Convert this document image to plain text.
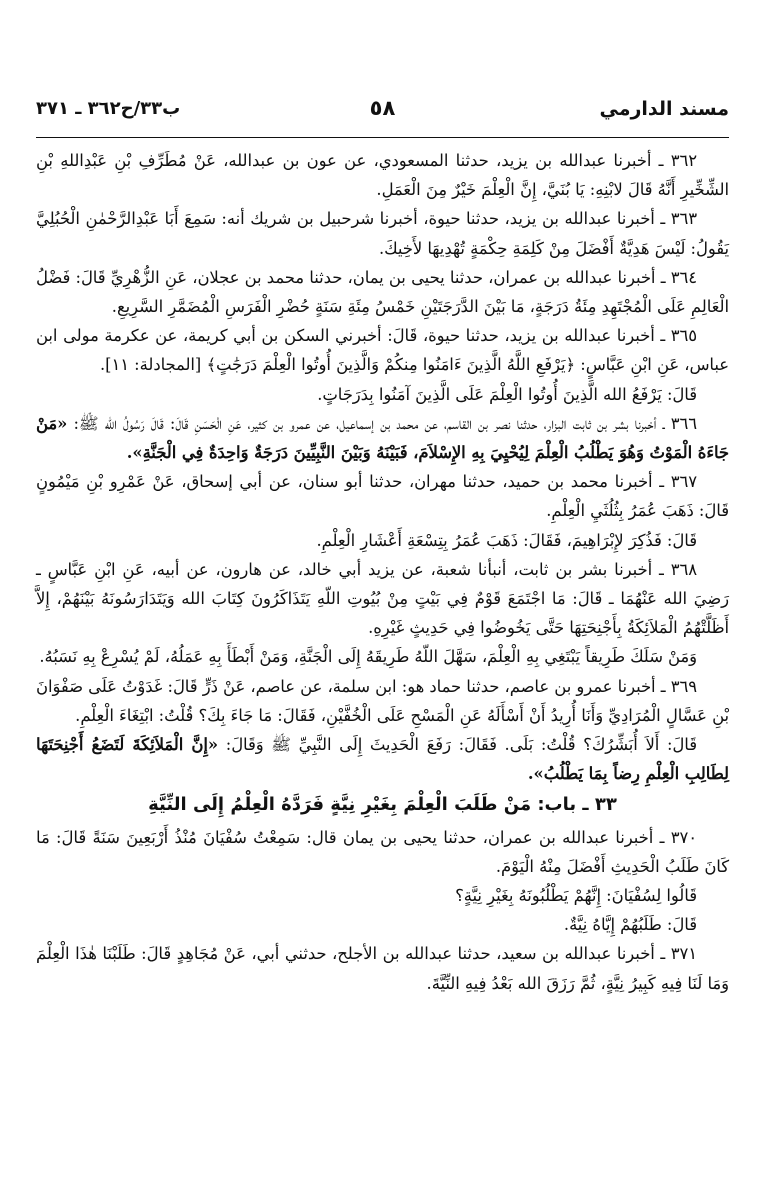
مسند الدارمي
٥٨
ب٣٣/ح٣٦٢ ـ ٣٧١

٣٦٢ ـ أخبرنا عبدالله بن يزيد، حدثنا المسعودي، عن عون بن عبدالله، عَنْ مُطَرِّفِ بْنِ عَبْدِاللهِ بْنِ الشِّخِّيرِ أَنَّهُ قَالَ لابْنِهِ: يَا بُنَيَّ، إِنَّ الْعِلْمَ خَيْرٌ مِنَ الْعَمَلِ.

٣٦٣ ـ أخبرنا عبدالله بن يزيد، حدثنا حيوة، أخبرنا شرحبيل بن شريك أنه: سَمِعَ أَبَا عَبْدِالرَّحْمٰنِ الْحُبُلِيَّ يَقُولُ: لَيْسَ هَدِيَّةٌ أَفْضَلَ مِنْ كَلِمَةِ حِكْمَةٍ تُهْدِيهَا لأَخِيكَ.

٣٦٤ ـ أخبرنا عبدالله بن عمران، حدثنا يحيى بن يمان، حدثنا محمد بن عجلان، عَنِ الزُّهْرِيِّ قَالَ: فَضْلُ الْعَالِمِ عَلَى الْمُجْتَهِدِ مِئَةُ دَرَجَةٍ، مَا بَيْنَ الدَّرَجَتَيْنِ خَمْسُ مِئَةِ سَنَةٍ حُضْرِ الْفَرَسِ الْمُضَمَّرِ السَّرِيعِ.

٣٦٥ ـ أخبرنا عبدالله بن يزيد، حدثنا حيوة، قَالَ: أخبرني السكن بن أبي كريمة، عن عكرمة مولى ابن عباس، عَنِ ابْنِ عَبَّاسٍ: ﴿يَرْفَعِ اللَّهُ الَّذِينَ ءَامَنُوا مِنكُمْ وَالَّذِينَ أُوتُوا الْعِلْمَ دَرَجَٰتٍ﴾ [المجادلة: ١١].

قَالَ: يَرْفَعُ الله الَّذِينَ أُوتُوا الْعِلْمَ عَلَى الَّذِينَ آمَنُوا بِدَرَجَاتٍ.

٣٦٦ ـ أخبرنا بشر بن ثابت البزار، حدثنا نصر بن القاسم، عن محمد بن إسماعيل، عن عمرو بن كثير، عَنِ الْحَسَنِ قَالَ: قَالَ رَسُولُ الله ﷺ: «مَنْ جَاءَهُ الْمَوْتُ وَهُوَ يَطْلُبُ الْعِلْمَ لِيُحْيِيَ بِهِ الإِسْلاَمَ، فَبَيْنَهُ وَبَيْنَ النَّبِيِّينَ دَرَجَةٌ وَاحِدَةٌ فِي الْجَنَّةِ».

٣٦٧ ـ أخبرنا محمد بن حميد، حدثنا مهران، حدثنا أبو سنان، عن أبي إسحاق، عَنْ عَمْرِو بْنِ مَيْمُونٍ قَالَ: ذَهَبَ عُمَرُ بِثُلُثَيِ الْعِلْمِ.

قَالَ: فَذُكِرَ لإِبْرَاهِيمَ، فَقَالَ: ذَهَبَ عُمَرُ بِتِسْعَةِ أَعْشَارِ الْعِلْمِ.

٣٦٨ ـ أخبرنا بشر بن ثابت، أنبأنا شعبة، عن يزيد أبي خالد، عن هارون، عن أبيه، عَنِ ابْنِ عَبَّاسٍ ـ رَضِيَ الله عَنْهُمَا ـ قَالَ: مَا اجْتَمَعَ قَوْمٌ فِي بَيْتٍ مِنْ بُيُوتِ اللّهِ يَتَذَاكَرُونَ كِتَابَ الله وَيَتَدَارَسُونَهُ بَيْنَهُمْ، إِلاَّ أَظَلَّتْهُمُ الْمَلاَئِكَةُ بِأَجْنِحَتِهَا حَتَّى يَخُوضُوا فِي حَدِيثٍ غَيْرِهِ.

وَمَنْ سَلَكَ طَرِيقاً يَبْتَغِي بِهِ الْعِلْمَ، سَهَّلَ اللّهُ طَرِيقَهُ إِلَى الْجَنَّةِ، وَمَنْ أَبْطَأَ بِهِ عَمَلُهُ، لَمْ يُسْرِعْ بِهِ نَسَبُهُ.

٣٦٩ ـ أخبرنا عمرو بن عاصم، حدثنا حماد هو: ابن سلمة، عن عاصم، عَنْ ذَرٍّ قَالَ: غَدَوْتُ عَلَى صَفْوَانَ بْنِ عَسَّالٍ الْمُرَادِيِّ وَأَنَا أُرِيدُ أَنْ أَسْأَلَهُ عَنِ الْمَسْحِ عَلَى الْخُفَّيْنِ، فَقَالَ: مَا جَاءَ بِكَ؟ قُلْتُ: ابْتِغَاءَ الْعِلْمِ.

قَالَ: أَلاَ أُبَشِّرُكَ؟ قُلْتُ: بَلَى. فَقَالَ: رَفَعَ الْحَدِيثَ إِلَى النَّبِيِّ ﷺ وَقَالَ: «إِنَّ الْمَلاَئِكَةَ لَتَضَعُ أَجْنِحَتَهَا لِطَالِبِ الْعِلْمِ رِضاً بِمَا يَطْلُبُ».

٣٣ ـ باب: مَنْ طَلَبَ الْعِلْمَ بِغَيْرِ نِيَّةٍ فَرَدَّهُ الْعِلْمُ إِلَى النِّيَّةِ

٣٧٠ ـ أخبرنا عبدالله بن عمران، حدثنا يحيى بن يمان قال: سَمِعْتُ سُفْيَانَ مُنْذُ أَرْبَعِينَ سَنَةً قَالَ: مَا كَانَ طَلَبُ الْحَدِيثِ أَفْضَلَ مِنْهُ الْيَوْمَ.

قَالُوا لِسُفْيَانَ: إِنَّهُمْ يَطْلُبُونَهُ بِغَيْرِ نِيَّةٍ؟

قَالَ: طَلَبُهُمْ إِيَّاهُ نِيَّةٌ.

٣٧١ ـ أخبرنا عبدالله بن سعيد، حدثنا عبدالله بن الأجلح، حدثني أبي، عَنْ مُجَاهِدٍ قَالَ: طَلَبْنَا هٰذَا الْعِلْمَ وَمَا لَنَا فِيهِ كَبِيرُ نِيَّةٍ، ثُمَّ رَزَقَ الله بَعْدُ فِيهِ النِّيَّةَ.
